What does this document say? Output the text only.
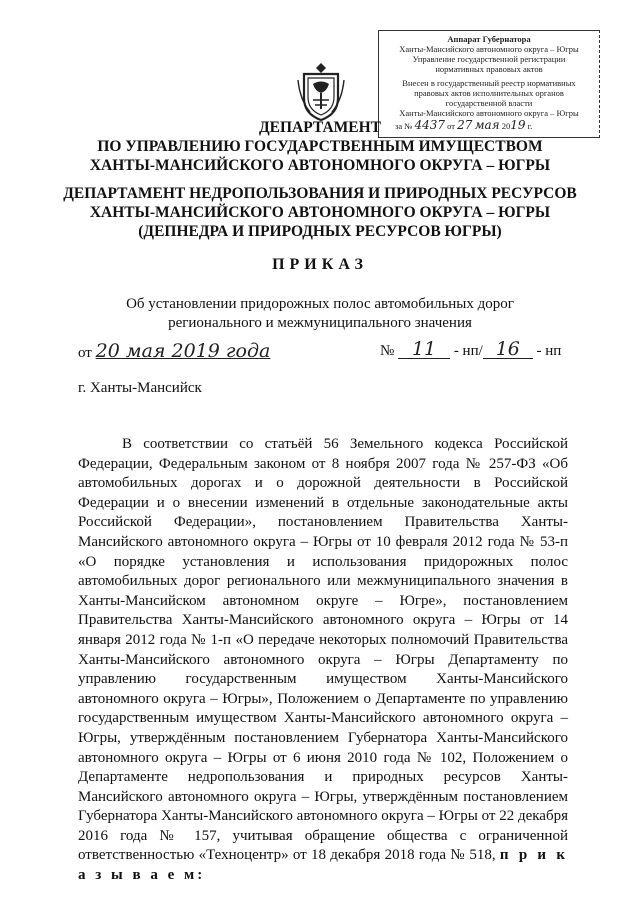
Аппарат Губернатора
Ханты-Мансийского автономного округа – Югры
Управление государственной регистрации
нормативных правовых актов
Внесен в государственный реестр нормативных
правовых актов исполнительных органов
государственной власти
Ханты-Мансийского автономного округа – Югры
за № 4437 от 27 мая 2019 г.
ДЕПАРТАМЕНТ
ПО УПРАВЛЕНИЮ ГОСУДАРСТВЕННЫМ ИМУЩЕСТВОМ
ХАНТЫ-МАНСИЙСКОГО АВТОНОМНОГО ОКРУГА – ЮГРЫ
ДЕПАРТАМЕНТ НЕДРОПОЛЬЗОВАНИЯ И ПРИРОДНЫХ РЕСУРСОВ
ХАНТЫ-МАНСИЙСКОГО АВТОНОМНОГО ОКРУГА – ЮГРЫ
(ДЕПНЕДРА И ПРИРОДНЫХ РЕСУРСОВ ЮГРЫ)
ПРИКАЗ
Об установлении придорожных полос автомобильных дорог
регионального и межмуниципального значения
от 20 мая 2019 года	№ 11 - нп/ 16 - нп
г. Ханты-Мансийск
В соответствии со статьёй 56 Земельного кодекса Российской Федерации, Федеральным законом от 8 ноября 2007 года № 257-ФЗ «Об автомобильных дорогах и о дорожной деятельности в Российской Федерации и о внесении изменений в отдельные законодательные акты Российской Федерации», постановлением Правительства Ханты-Мансийского автономного округа – Югры от 10 февраля 2012 года № 53-п «О порядке установления и использования придорожных полос автомобильных дорог регионального или межмуниципального значения в Ханты-Мансийском автономном округе – Югре», постановлением Правительства Ханты-Мансийского автономного округа – Югры от 14 января 2012 года № 1-п «О передаче некоторых полномочий Правительства Ханты-Мансийского автономного округа – Югры Департаменту по управлению государственным имуществом Ханты-Мансийского автономного округа – Югры», Положением о Департаменте по управлению государственным имуществом Ханты-Мансийского автономного округа – Югры, утверждённым постановлением Губернатора Ханты-Мансийского автономного округа – Югры от 6 июня 2010 года № 102, Положением о Департаменте недропользования и природных ресурсов Ханты-Мансийского автономного округа – Югры, утверждённым постановлением Губернатора Ханты-Мансийского автономного округа – Югры от 22 декабря 2016 года № 157, учитывая обращение общества с ограниченной ответственностью «Техноцентр» от 18 декабря 2018 года № 518, п р и к а з ы в а е м:
